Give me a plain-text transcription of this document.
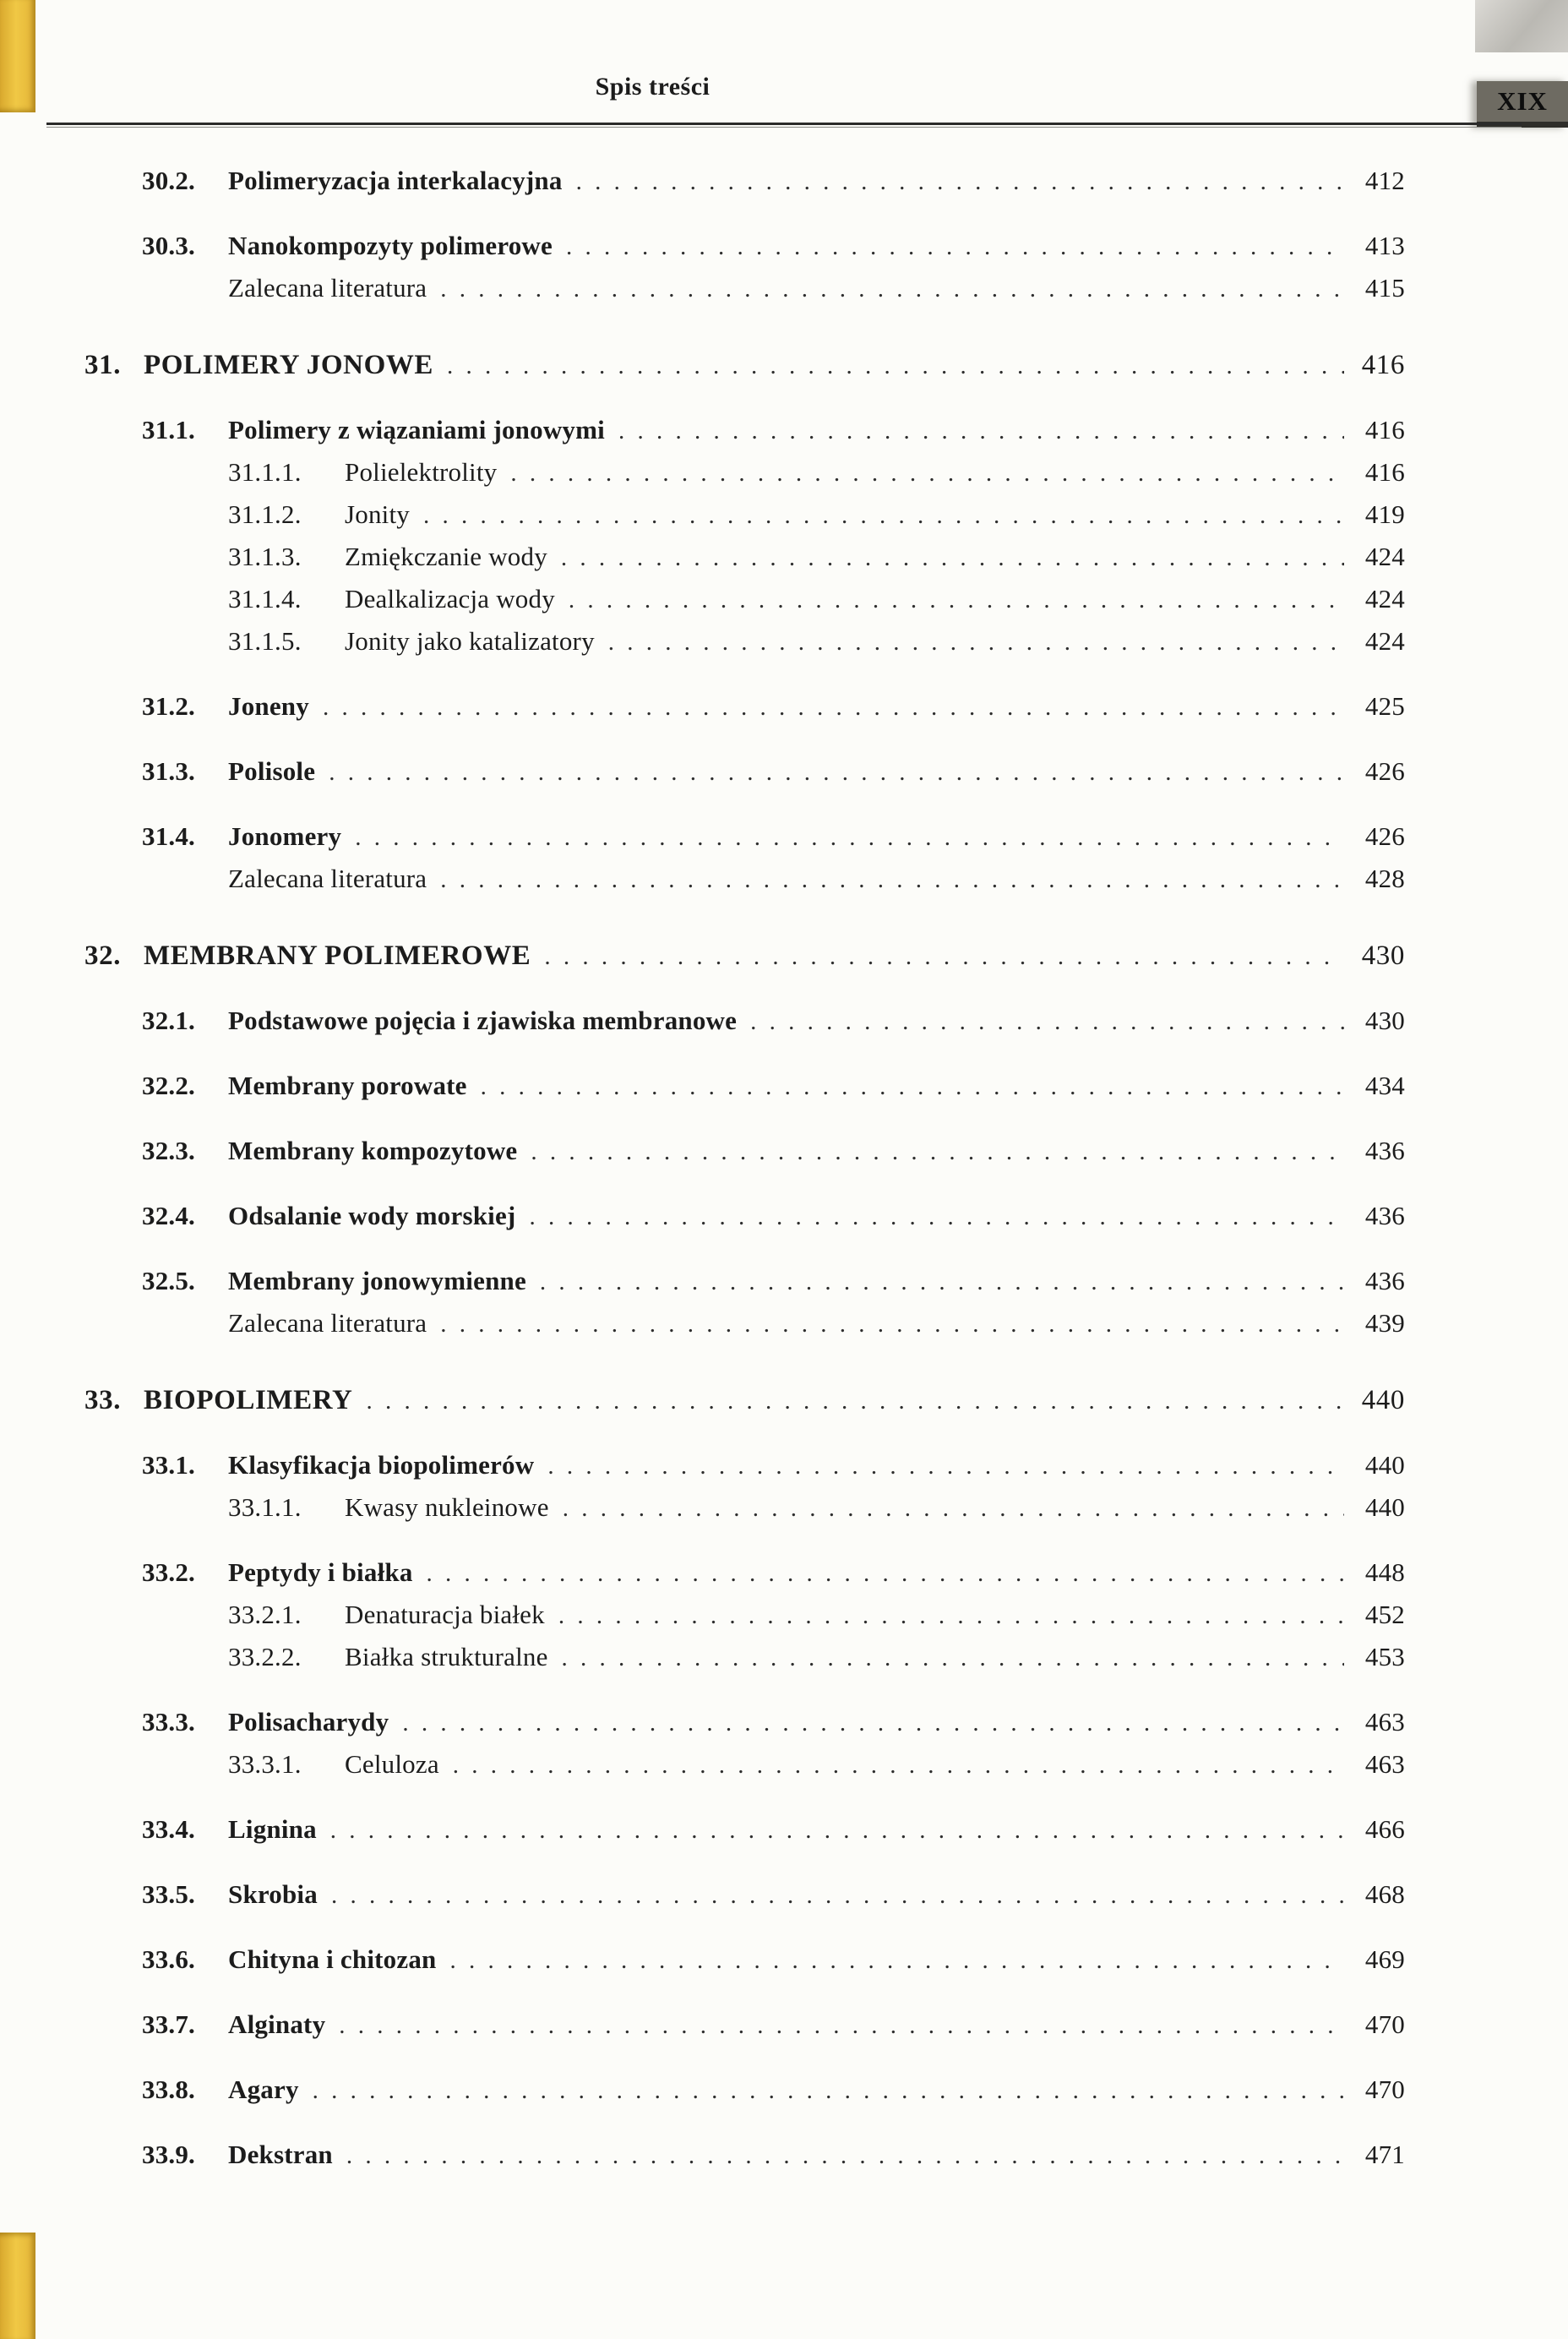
Spis treści	XIX
30.2.	Polimeryzacja interkalacyjna . . .	412
30.3.	Nanokompozyty polimerowe . . .	413
Zalecana literatura . . .	415
31. POLIMERY JONOWE . . .	416
31.1.	Polimery z wiązaniami jonowymi . . .	416
31.1.1.	Polielektrolity . . .	416
31.1.2.	Jonity . . .	419
31.1.3.	Zmiękczanie wody . . .	424
31.1.4.	Dealkalizacja wody . . .	424
31.1.5.	Jonity jako katalizatory . . .	424
31.2.	Joneny . . .	425
31.3.	Polisole . . .	426
31.4.	Jonomery . . .	426
Zalecana literatura . . .	428
32. MEMBRANY POLIMEROWE . . .	430
32.1.	Podstawowe pojęcia i zjawiska membranowe . . .	430
32.2.	Membrany porowate . . .	434
32.3.	Membrany kompozytowe . . .	436
32.4.	Odsalanie wody morskiej . . .	436
32.5.	Membrany jonowymienne . . .	436
Zalecana literatura . . .	439
33. BIOPOLIMERY . . .	440
33.1.	Klasyfikacja biopolimerów . . .	440
33.1.1.	Kwasy nukleinowe . . .	440
33.2.	Peptydy i białka . . .	448
33.2.1.	Denaturacja białek . . .	452
33.2.2.	Białka strukturalne . . .	453
33.3.	Polisacharydy . . .	463
33.3.1.	Celuloza . . .	463
33.4.	Lignina . . .	466
33.5.	Skrobia . . .	468
33.6.	Chityna i chitozan . . .	469
33.7.	Alginaty . . .	470
33.8.	Agary . . .	470
33.9.	Dekstran . . .	471
